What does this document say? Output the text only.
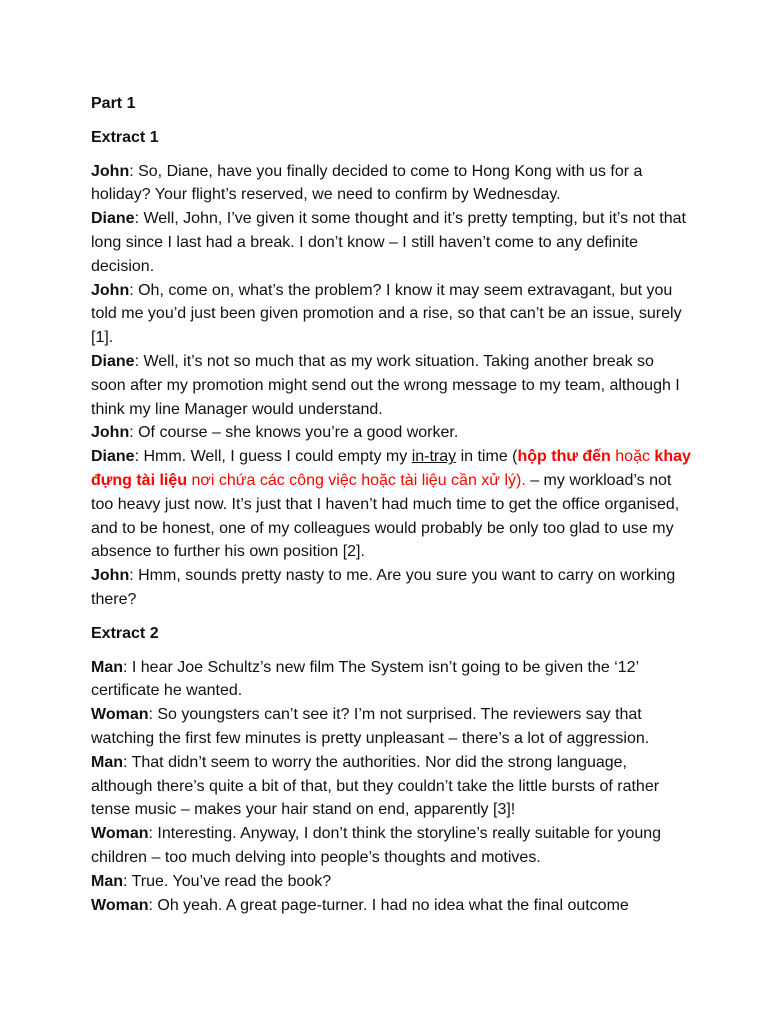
Part 1

Extract 1

John: So, Diane, have you finally decided to come to Hong Kong with us for a holiday? Your flight’s reserved, we need to confirm by Wednesday.

Diane: Well, John, I’ve given it some thought and it’s pretty tempting, but it’s not that long since I last had a break. I don’t know – I still haven’t come to any definite decision.

John: Oh, come on, what’s the problem? I know it may seem extravagant, but you told me you’d just been given promotion and a rise, so that can’t be an issue, surely [1].

Diane: Well, it’s not so much that as my work situation. Taking another break so soon after my promotion might send out the wrong message to my team, although I think my line Manager would understand.

John: Of course – she knows you’re a good worker.

Diane: Hmm. Well, I guess I could empty my in-tray in time (hộp thư đến hoặc khay đựng tài liệu nơi chứa các công việc hoặc tài liệu cần xử lý). – my workload’s not too heavy just now. It’s just that I haven’t had much time to get the office organised, and to be honest, one of my colleagues would probably be only too glad to use my absence to further his own position [2].

John: Hmm, sounds pretty nasty to me. Are you sure you want to carry on working there?

Extract 2

Man: I hear Joe Schultz’s new film The System isn’t going to be given the ‘12’ certificate he wanted.

Woman: So youngsters can’t see it? I’m not surprised. The reviewers say that watching the first few minutes is pretty unpleasant – there’s a lot of aggression.

Man: That didn’t seem to worry the authorities. Nor did the strong language, although there’s quite a bit of that, but they couldn’t take the little bursts of rather tense music – makes your hair stand on end, apparently [3]!

Woman: Interesting. Anyway, I don’t think the storyline’s really suitable for young children – too much delving into people’s thoughts and motives.

Man: True. You’ve read the book?

Woman: Oh yeah. A great page-turner. I had no idea what the final outcome
